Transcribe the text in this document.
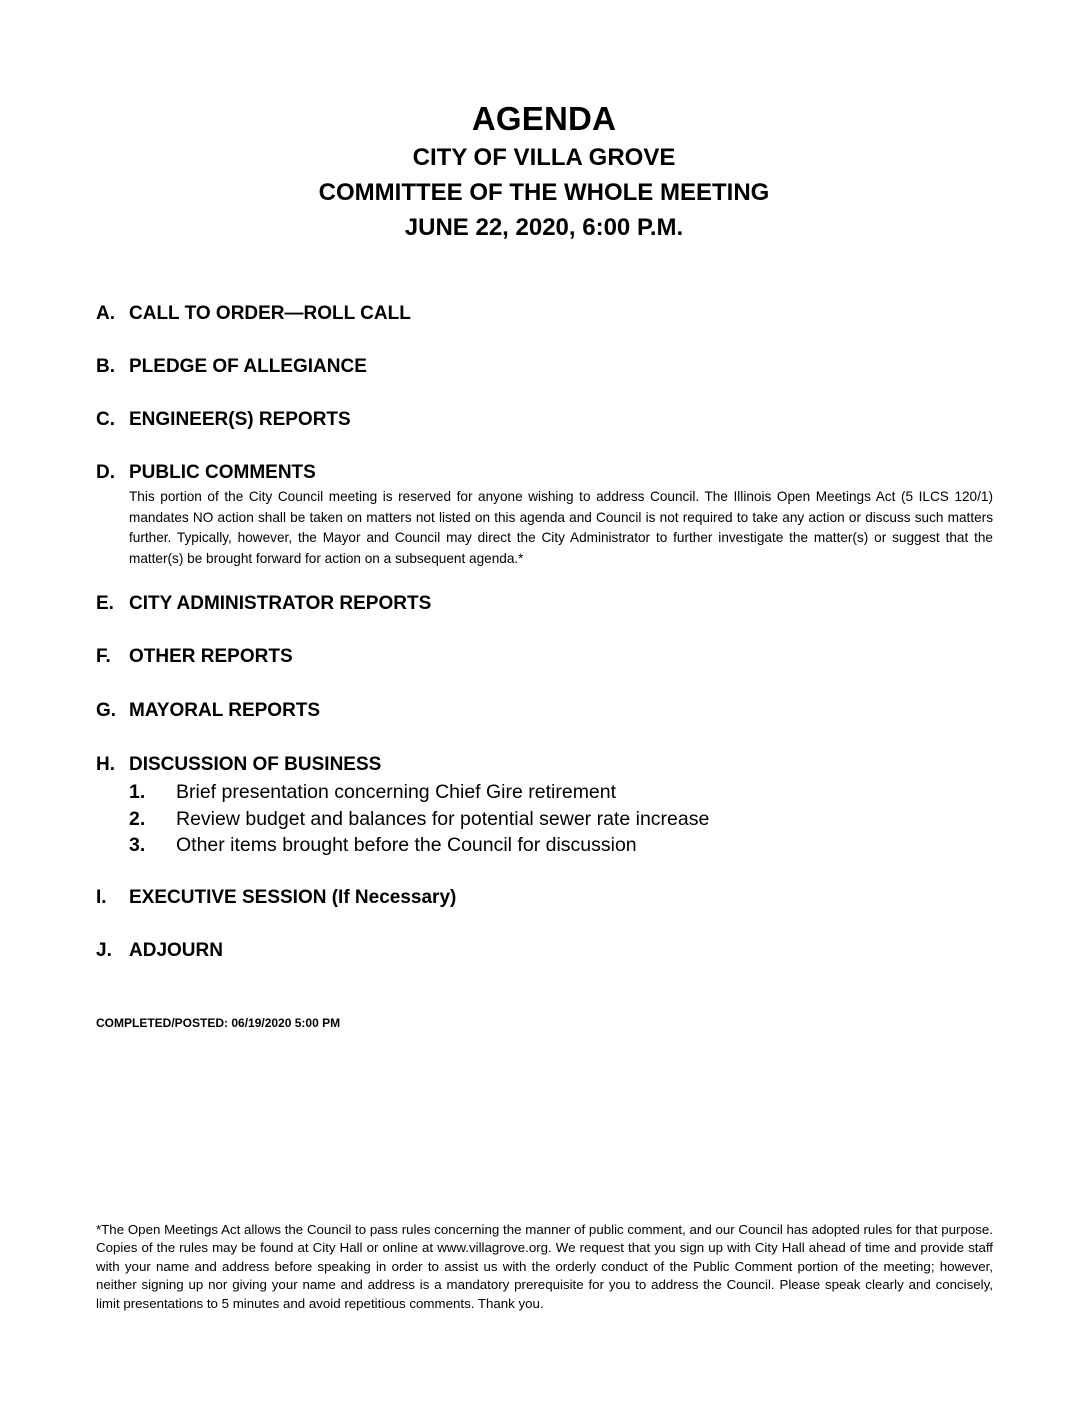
AGENDA
CITY OF VILLA GROVE
COMMITTEE OF THE WHOLE MEETING
JUNE 22, 2020, 6:00 P.M.
A. CALL TO ORDER—ROLL CALL
B. PLEDGE OF ALLEGIANCE
C. ENGINEER(S) REPORTS
D. PUBLIC COMMENTS
This portion of the City Council meeting is reserved for anyone wishing to address Council. The Illinois Open Meetings Act (5 ILCS 120/1) mandates NO action shall be taken on matters not listed on this agenda and Council is not required to take any action or discuss such matters further. Typically, however, the Mayor and Council may direct the City Administrator to further investigate the matter(s) or suggest that the matter(s) be brought forward for action on a subsequent agenda.*
E. CITY ADMINISTRATOR REPORTS
F. OTHER REPORTS
G. MAYORAL REPORTS
H. DISCUSSION OF BUSINESS
1.	Brief presentation concerning Chief Gire retirement
2.	Review budget and balances for potential sewer rate increase
3.	Other items brought before the Council for discussion
I.	EXECUTIVE SESSION (If Necessary)
J. ADJOURN
COMPLETED/POSTED: 06/19/2020 5:00 PM
*The Open Meetings Act allows the Council to pass rules concerning the manner of public comment, and our Council has adopted rules for that purpose. Copies of the rules may be found at City Hall or online at www.villagrove.org. We request that you sign up with City Hall ahead of time and provide staff with your name and address before speaking in order to assist us with the orderly conduct of the Public Comment portion of the meeting; however, neither signing up nor giving your name and address is a mandatory prerequisite for you to address the Council. Please speak clearly and concisely, limit presentations to 5 minutes and avoid repetitious comments. Thank you.
